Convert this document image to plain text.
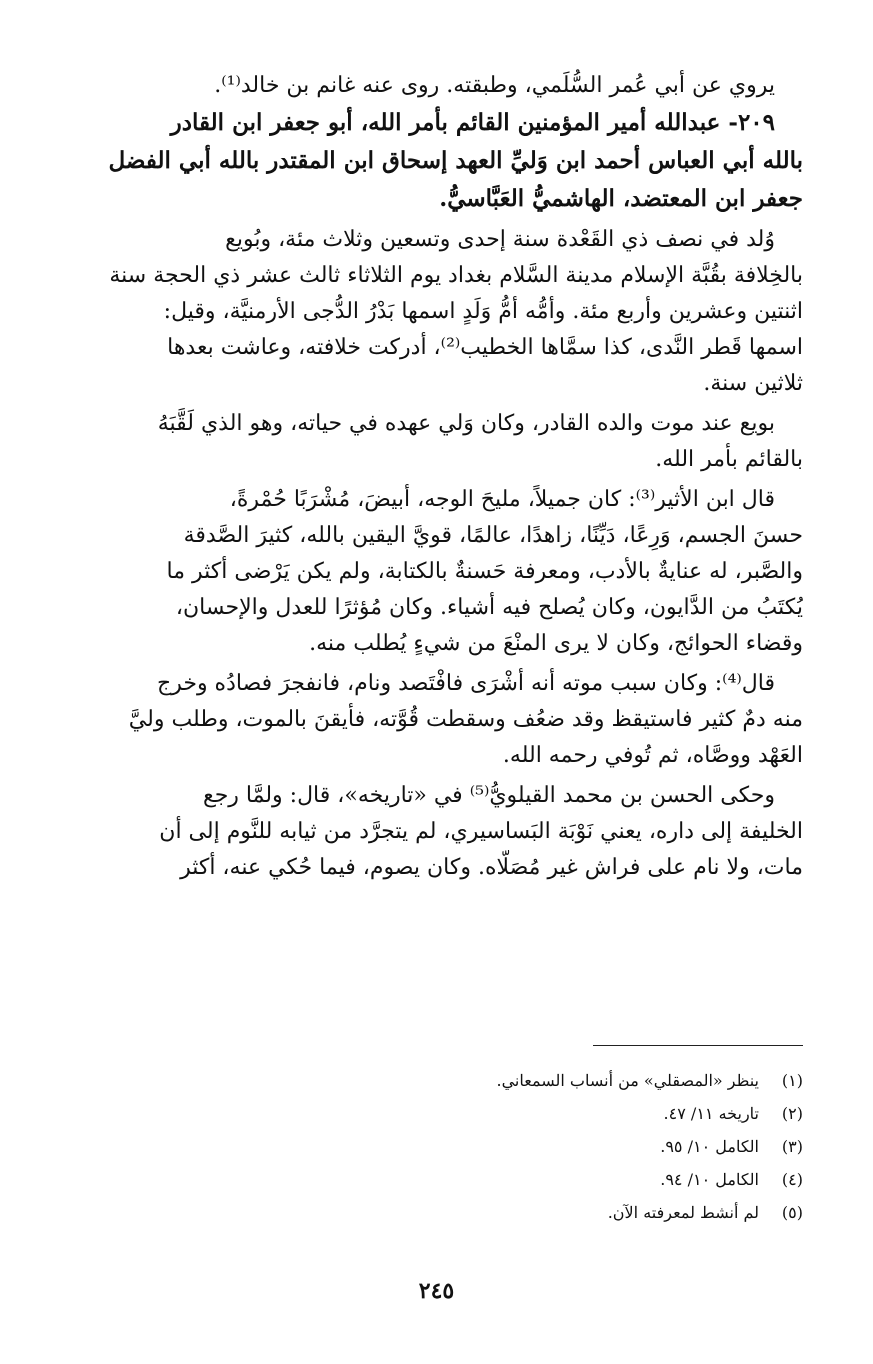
يروي عن أبي عُمر السُّلَمي، وطبقته. روى عنه غانم بن خالد⁽¹⁾.
٢٠٩- عبدالله أمير المؤمنين القائم بأمر الله، أبو جعفر ابن القادر
بالله أبي العباس أحمد ابن وَليِّ العهد إسحاق ابن المقتدر بالله أبي الفضل
جعفر ابن المعتضد، الهاشميُّ العَبَّاسيُّ.
وُلد في نصف ذي القَعْدة سنة إحدى وتسعين وثلاث مئة، وبُويع
بالخِلافة بقُبَّة الإسلام مدينة السَّلام بغداد يوم الثلاثاء ثالث عشر ذي الحجة سنة
اثنتين وعشرين وأربع مئة. وأمُّه أمُّ وَلَدٍ اسمها بَدْرُ الدُّجى الأرمنيَّة، وقيل:
اسمها قَطر النَّدى، كذا سمَّاها الخطيب⁽²⁾، أدركت خلافته، وعاشت بعدها
ثلاثين سنة.
بويع عند موت والده القادر، وكان وَلي عهده في حياته، وهو الذي لَقَّبَهُ
بالقائم بأمر الله.
قال ابن الأثير⁽³⁾: كان جميلاً، مليحَ الوجه، أبيضَ، مُشْرَبًا حُمْرةً،
حسنَ الجسم، وَرِعًا، دَيِّنًا، زاهدًا، عالمًا، قويَّ اليقين بالله، كثيرَ الصَّدقة
والصَّبر، له عنايةٌ بالأدب، ومعرفة حَسنةٌ بالكتابة، ولم يكن يَرْضى أكثر ما
يُكتَبُ من الدَّايون، وكان يُصلح فيه أشياء. وكان مُؤثرًا للعدل والإحسان،
وقضاء الحوائج، وكان لا يرى المنْعَ من شيءٍ يُطلب منه.
قال⁽⁴⁾: وكان سبب موته أنه أشْرَى فافْتَصد ونام، فانفجرَ فصادُه وخرج
منه دمٌ كثير فاستيقظ وقد ضعُف وسقطت قُوَّته، فأيقنَ بالموت، وطلب وليَّ
العَهْد ووصَّاه، ثم تُوفي رحمه الله.
وحكى الحسن بن محمد القيلويُّ⁽⁵⁾ في «تاريخه»، قال: ولمَّا رجع
الخليفة إلى داره، يعني نَوْبَة البَساسيري، لم يتجرَّد من ثيابه للنَّوم إلى أن
مات، ولا نام على فراش غير مُصَلَّاه. وكان يصوم، فيما حُكي عنه، أكثر
(١)ينظر «المصقلي» من أنساب السمعاني.
(٢)تاريخه ١١/ ٤٧.
(٣)الكامل ١٠/ ٩٥.
(٤)الكامل ١٠/ ٩٤.
(٥)لم أنشط لمعرفته الآن.
٢٤٥
